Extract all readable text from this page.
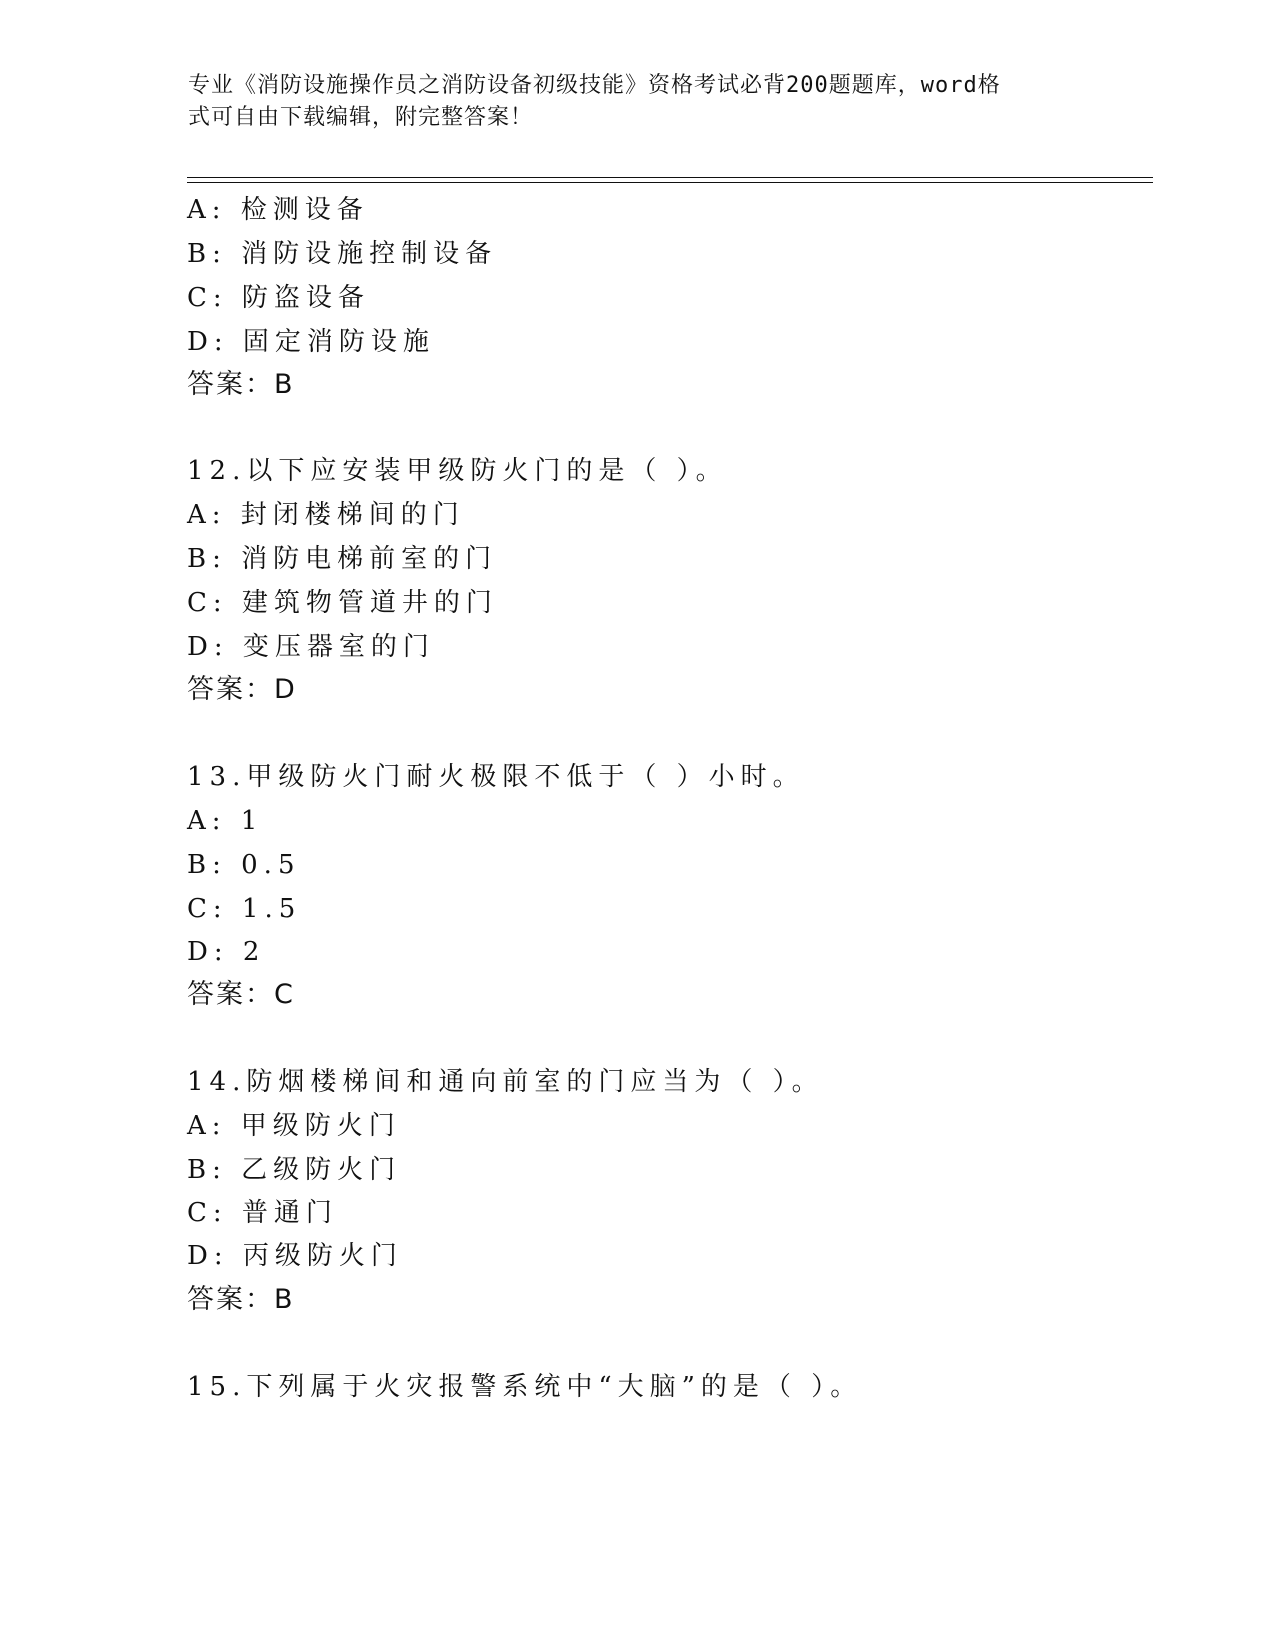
专业《消防设施操作员之消防设备初级技能》资格考试必背200题题库，word格
式可自由下载编辑，附完整答案！
A: 检测设备
B: 消防设施控制设备
C: 防盗设备
D: 固定消防设施
答案：B
12.以下应安装甲级防火门的是（ ）。
A: 封闭楼梯间的门
B: 消防电梯前室的门
C: 建筑物管道井的门
D: 变压器室的门
答案：D
13.甲级防火门耐火极限不低于（ ）小时。
A: 1
B: 0.5
C: 1.5
D: 2
答案：C
14.防烟楼梯间和通向前室的门应当为（ ）。
A: 甲级防火门
B: 乙级防火门
C: 普通门
D: 丙级防火门
答案：B
15.下列属于火灾报警系统中“大脑”的是（ ）。
